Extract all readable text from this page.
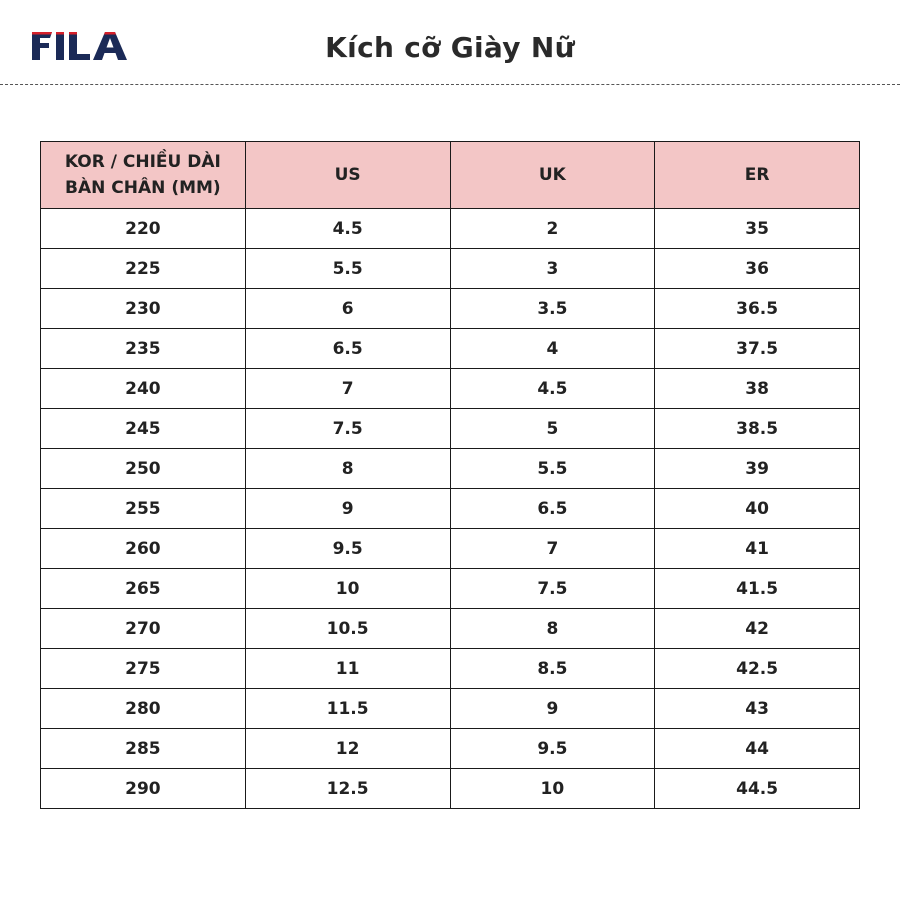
Kích cỡ Giày Nữ
KOR / CHIỀU DÀI BÀN CHÂN (MM)	US	UK	ER
220	4.5	2	35
225	5.5	3	36
230	6	3.5	36.5
235	6.5	4	37.5
240	7	4.5	38
245	7.5	5	38.5
250	8	5.5	39
255	9	6.5	40
260	9.5	7	41
265	10	7.5	41.5
270	10.5	8	42
275	11	8.5	42.5
280	11.5	9	43
285	12	9.5	44
290	12.5	10	44.5
